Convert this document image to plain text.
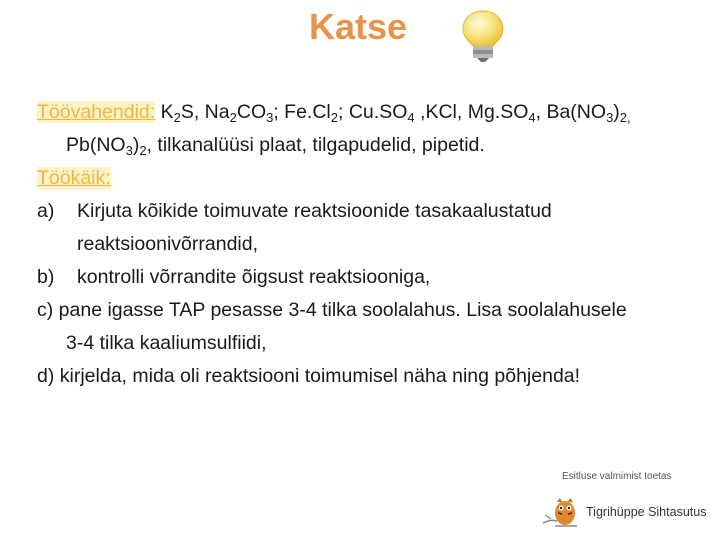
Katse
Töövahendid: $K_2S$, $Na_2CO_3$; $Fe.Cl_2$; $Cu.SO_4$ ,KCl, $Mg.SO_4$, $Ba(NO_3)_{2,}$
$Pb(NO_3)_2$, tilkanalüüsi plaat, tilgapudelid, pipetid.
Töökäik:
a) Kirjuta kõikide toimuvate reaktsioonide tasakaalustatud
reaktsioonivõrrandid,
b) kontrolli võrrandite õigsust reaktsiooniga,
c) pane igasse TAP pesasse 3-4 tilka soolalahus. Lisa soolalahusele
3-4 tilka kaaliumsulfiidi,
d) kirjelda, mida oli reaktsiooni toimumisel näha ning põhjenda!
Esitluse valmimist toetas
Tigrihüppe Sihtasutus
